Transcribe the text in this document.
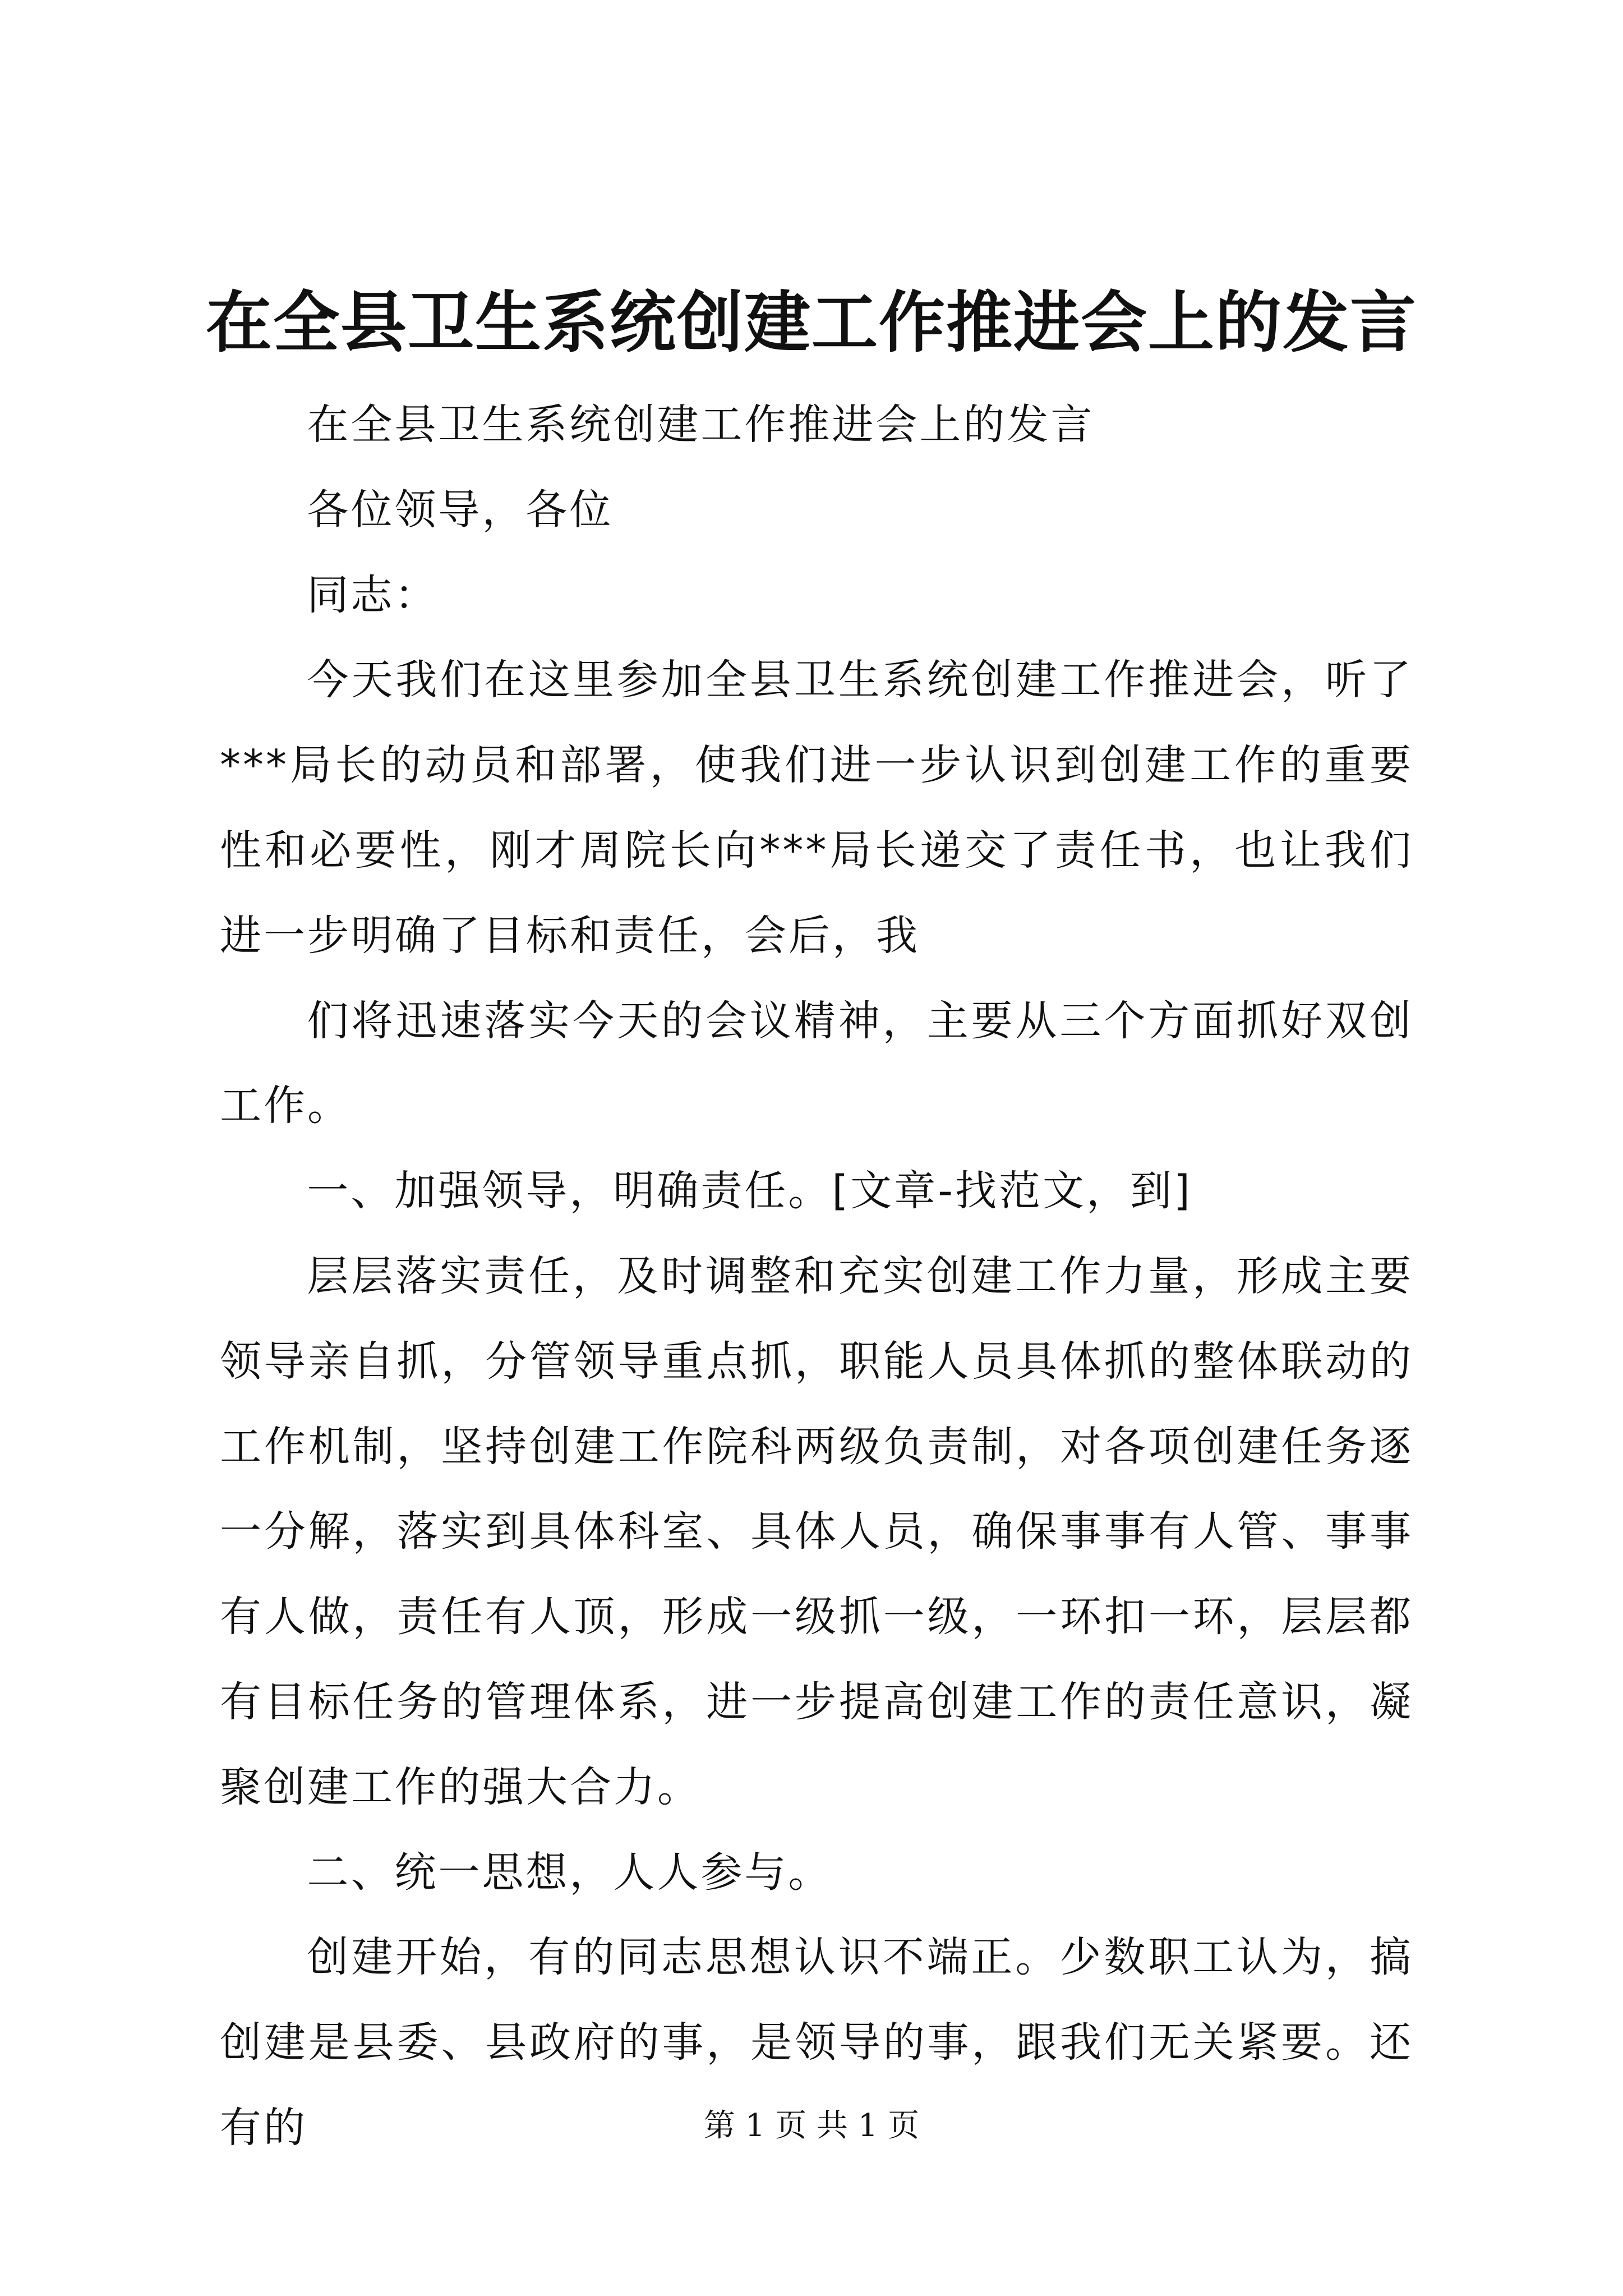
在全县卫生系统创建工作推进会上的发言

在全县卫生系统创建工作推进会上的发言

各位领导，各位

同志：

今天我们在这里参加全县卫生系统创建工作推进会，听了***局长的动员和部署，使我们进一步认识到创建工作的重要性和必要性，刚才周院长向***局长递交了责任书，也让我们进一步明确了目标和责任，会后，我

们将迅速落实今天的会议精神，主要从三个方面抓好双创工作。

一、加强领导，明确责任。[文章-找范文，到]

层层落实责任，及时调整和充实创建工作力量，形成主要领导亲自抓，分管领导重点抓，职能人员具体抓的整体联动的工作机制，坚持创建工作院科两级负责制，对各项创建任务逐一分解，落实到具体科室、具体人员，确保事事有人管、事事有人做，责任有人顶，形成一级抓一级，一环扣一环，层层都有目标任务的管理体系，进一步提高创建工作的责任意识，凝聚创建工作的强大合力。

二、统一思想，人人参与。

创建开始，有的同志思想认识不端正。少数职工认为，搞创建是县委、县政府的事，是领导的事，跟我们无关紧要。还有的	第 1 页 共 1 页
